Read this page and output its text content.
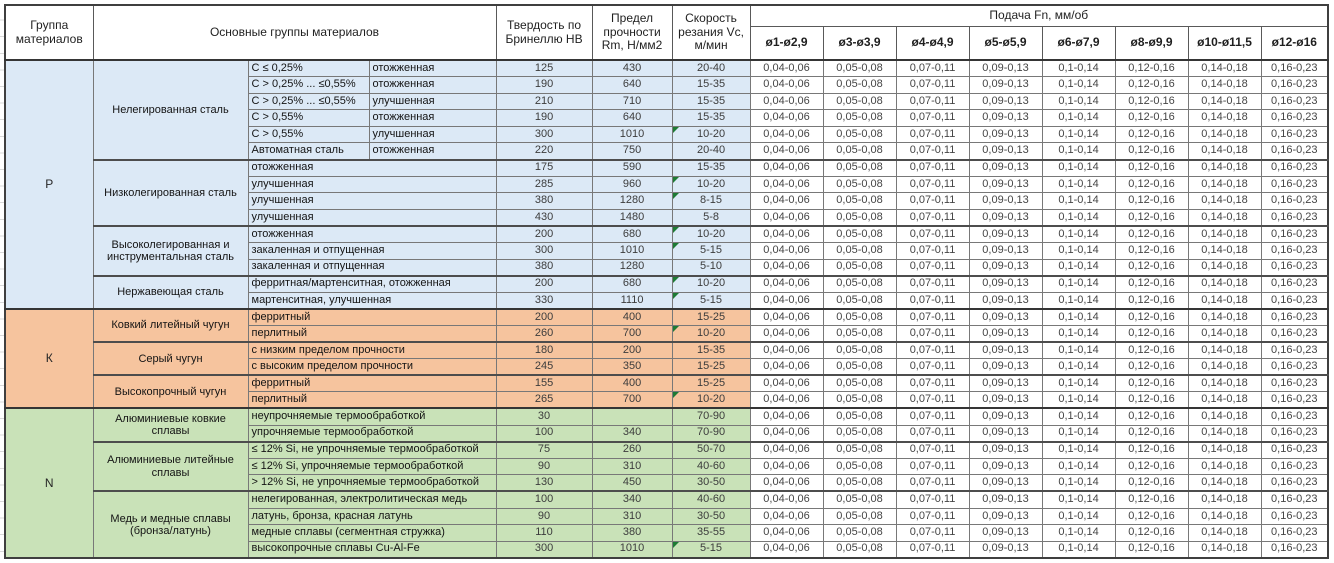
Группа материалов	Основные группы материалов			Твердость по Бринеллю HB	Предел прочности Rm, Н/мм2	Скорость резания Vc, м/мин	Подача Fn, мм/об							
							ø1-ø2,9	ø3-ø3,9	ø4-ø4,9	ø5-ø5,9	ø6-ø7,9	ø8-ø9,9	ø10-ø11,5	ø12-ø16
P	Нелегированная сталь	C ≤ 0,25%	отожженная	125	430	20-40	0,04-0,06	0,05-0,08	0,07-0,11	0,09-0,13	0,1-0,14	0,12-0,16	0,14-0,18	0,16-0,23
		C > 0,25% ... ≤0,55%	отожженная	190	640	15-35	0,04-0,06	0,05-0,08	0,07-0,11	0,09-0,13	0,1-0,14	0,12-0,16	0,14-0,18	0,16-0,23
		C > 0,25% ... ≤0,55%	улучшенная	210	710	15-35	0,04-0,06	0,05-0,08	0,07-0,11	0,09-0,13	0,1-0,14	0,12-0,16	0,14-0,18	0,16-0,23
		C > 0,55%	отожженная	190	640	15-35	0,04-0,06	0,05-0,08	0,07-0,11	0,09-0,13	0,1-0,14	0,12-0,16	0,14-0,18	0,16-0,23
		C > 0,55%	улучшенная	300	1010	10-20	0,04-0,06	0,05-0,08	0,07-0,11	0,09-0,13	0,1-0,14	0,12-0,16	0,14-0,18	0,16-0,23
		Автоматная сталь	отожженная	220	750	20-40	0,04-0,06	0,05-0,08	0,07-0,11	0,09-0,13	0,1-0,14	0,12-0,16	0,14-0,18	0,16-0,23
	Низколегированная сталь	отожженная		175	590	15-35	0,04-0,06	0,05-0,08	0,07-0,11	0,09-0,13	0,1-0,14	0,12-0,16	0,14-0,18	0,16-0,23
		улучшенная		285	960	10-20	0,04-0,06	0,05-0,08	0,07-0,11	0,09-0,13	0,1-0,14	0,12-0,16	0,14-0,18	0,16-0,23
		улучшенная		380	1280	8-15	0,04-0,06	0,05-0,08	0,07-0,11	0,09-0,13	0,1-0,14	0,12-0,16	0,14-0,18	0,16-0,23
		улучшенная		430	1480	5-8	0,04-0,06	0,05-0,08	0,07-0,11	0,09-0,13	0,1-0,14	0,12-0,16	0,14-0,18	0,16-0,23
	Высоколегированная и инструментальная сталь	отожженная		200	680	10-20	0,04-0,06	0,05-0,08	0,07-0,11	0,09-0,13	0,1-0,14	0,12-0,16	0,14-0,18	0,16-0,23
		закаленная и отпущенная		300	1010	5-15	0,04-0,06	0,05-0,08	0,07-0,11	0,09-0,13	0,1-0,14	0,12-0,16	0,14-0,18	0,16-0,23
		закаленная и отпущенная		380	1280	5-10	0,04-0,06	0,05-0,08	0,07-0,11	0,09-0,13	0,1-0,14	0,12-0,16	0,14-0,18	0,16-0,23
	Нержавеющая сталь	ферритная/мартенситная, отожженная		200	680	10-20	0,04-0,06	0,05-0,08	0,07-0,11	0,09-0,13	0,1-0,14	0,12-0,16	0,14-0,18	0,16-0,23
		мартенситная, улучшенная		330	1110	5-15	0,04-0,06	0,05-0,08	0,07-0,11	0,09-0,13	0,1-0,14	0,12-0,16	0,14-0,18	0,16-0,23
К	Ковкий литейный чугун	ферритный		200	400	15-25	0,04-0,06	0,05-0,08	0,07-0,11	0,09-0,13	0,1-0,14	0,12-0,16	0,14-0,18	0,16-0,23
		перлитный		260	700	10-20	0,04-0,06	0,05-0,08	0,07-0,11	0,09-0,13	0,1-0,14	0,12-0,16	0,14-0,18	0,16-0,23
	Серый чугун	с низким пределом прочности		180	200	15-35	0,04-0,06	0,05-0,08	0,07-0,11	0,09-0,13	0,1-0,14	0,12-0,16	0,14-0,18	0,16-0,23
		с высоким пределом прочности		245	350	15-25	0,04-0,06	0,05-0,08	0,07-0,11	0,09-0,13	0,1-0,14	0,12-0,16	0,14-0,18	0,16-0,23
	Высокопрочный чугун	ферритный		155	400	15-25	0,04-0,06	0,05-0,08	0,07-0,11	0,09-0,13	0,1-0,14	0,12-0,16	0,14-0,18	0,16-0,23
		перлитный		265	700	10-20	0,04-0,06	0,05-0,08	0,07-0,11	0,09-0,13	0,1-0,14	0,12-0,16	0,14-0,18	0,16-0,23
N	Алюминиевые ковкие сплавы	неупрочняемые термообработкой		30		70-90	0,04-0,06	0,05-0,08	0,07-0,11	0,09-0,13	0,1-0,14	0,12-0,16	0,14-0,18	0,16-0,23
		упрочняемые термообработкой		100	340	70-90	0,04-0,06	0,05-0,08	0,07-0,11	0,09-0,13	0,1-0,14	0,12-0,16	0,14-0,18	0,16-0,23
	Алюминиевые литейные сплавы	≤ 12% Si, не упрочняемые термообработкой		75	260	50-70	0,04-0,06	0,05-0,08	0,07-0,11	0,09-0,13	0,1-0,14	0,12-0,16	0,14-0,18	0,16-0,23
		≤ 12% Si, упрочняемые термообработкой		90	310	40-60	0,04-0,06	0,05-0,08	0,07-0,11	0,09-0,13	0,1-0,14	0,12-0,16	0,14-0,18	0,16-0,23
		> 12% Si, не упрочняемые термообработкой		130	450	30-50	0,04-0,06	0,05-0,08	0,07-0,11	0,09-0,13	0,1-0,14	0,12-0,16	0,14-0,18	0,16-0,23
	Медь и медные сплавы (бронза/латунь)	нелегированная, электролитическая медь		100	340	40-60	0,04-0,06	0,05-0,08	0,07-0,11	0,09-0,13	0,1-0,14	0,12-0,16	0,14-0,18	0,16-0,23
		латунь, бронза, красная латунь		90	310	30-50	0,04-0,06	0,05-0,08	0,07-0,11	0,09-0,13	0,1-0,14	0,12-0,16	0,14-0,18	0,16-0,23
		медные сплавы (сегментная стружка)		110	380	35-55	0,04-0,06	0,05-0,08	0,07-0,11	0,09-0,13	0,1-0,14	0,12-0,16	0,14-0,18	0,16-0,23
		высокопрочные сплавы Cu-Al-Fe		300	1010	5-15	0,04-0,06	0,05-0,08	0,07-0,11	0,09-0,13	0,1-0,14	0,12-0,16	0,14-0,18	0,16-0,23
